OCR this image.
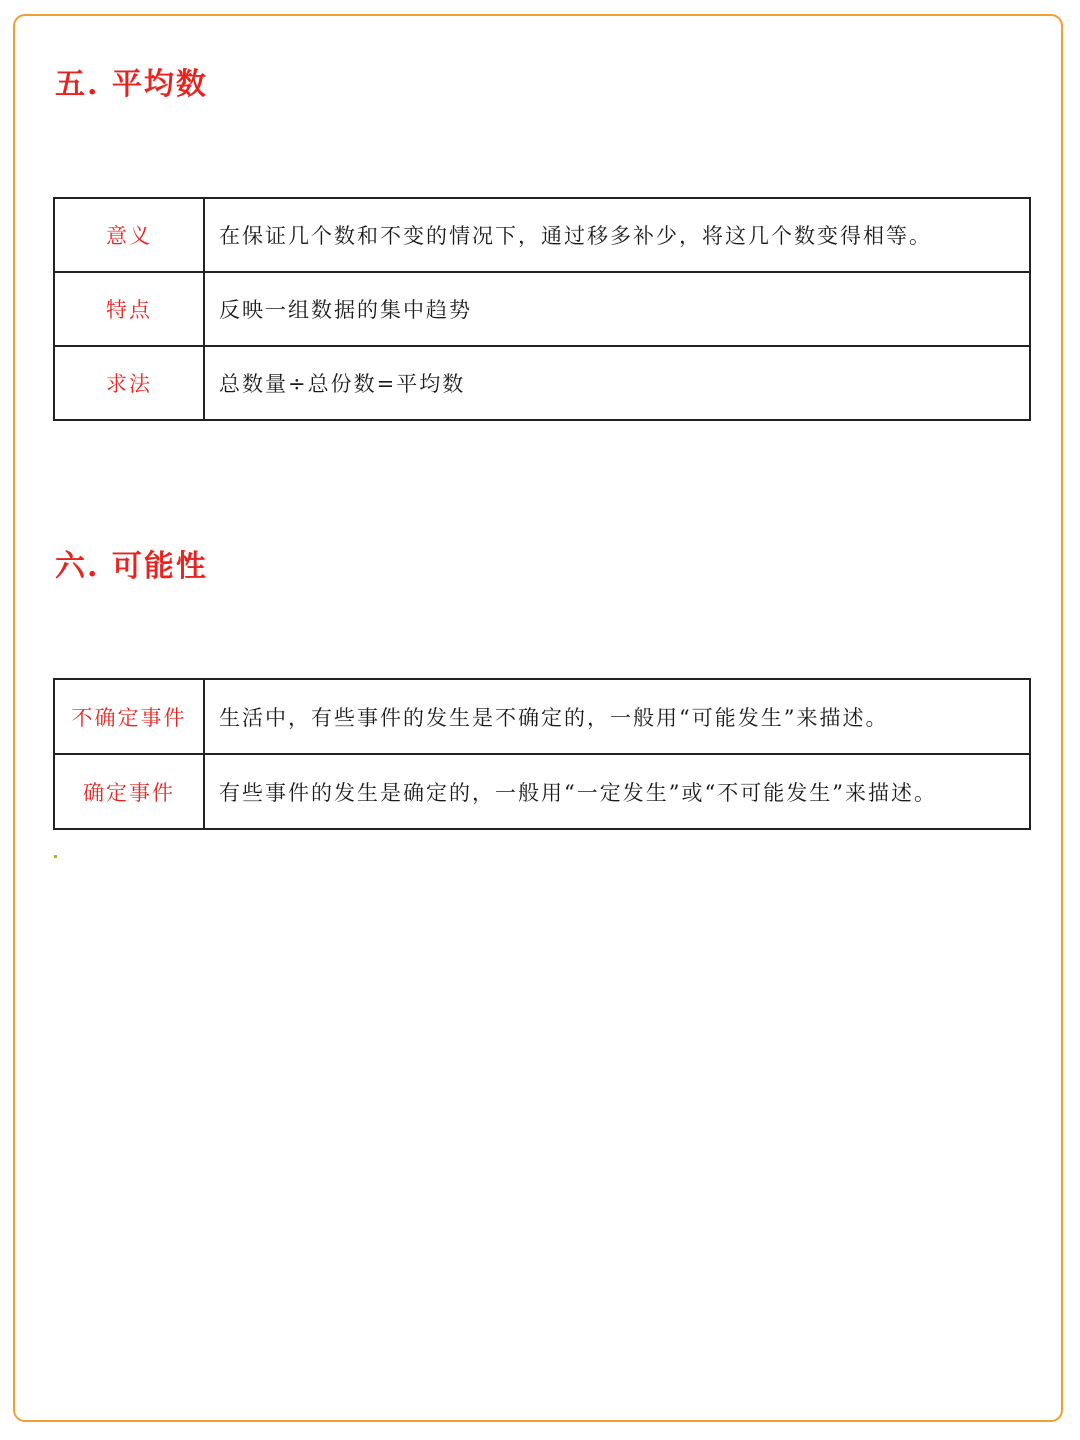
五. 平均数
意义	在保证几个数和不变的情况下，通过移多补少，将这几个数变得相等。
特点	反映一组数据的集中趋势
求法	总数量÷总份数=平均数
六. 可能性
不确定事件	生活中，有些事件的发生是不确定的，一般用“可能发生”来描述。
确定事件	有些事件的发生是确定的，一般用“一定发生”或“不可能发生”来描述。
